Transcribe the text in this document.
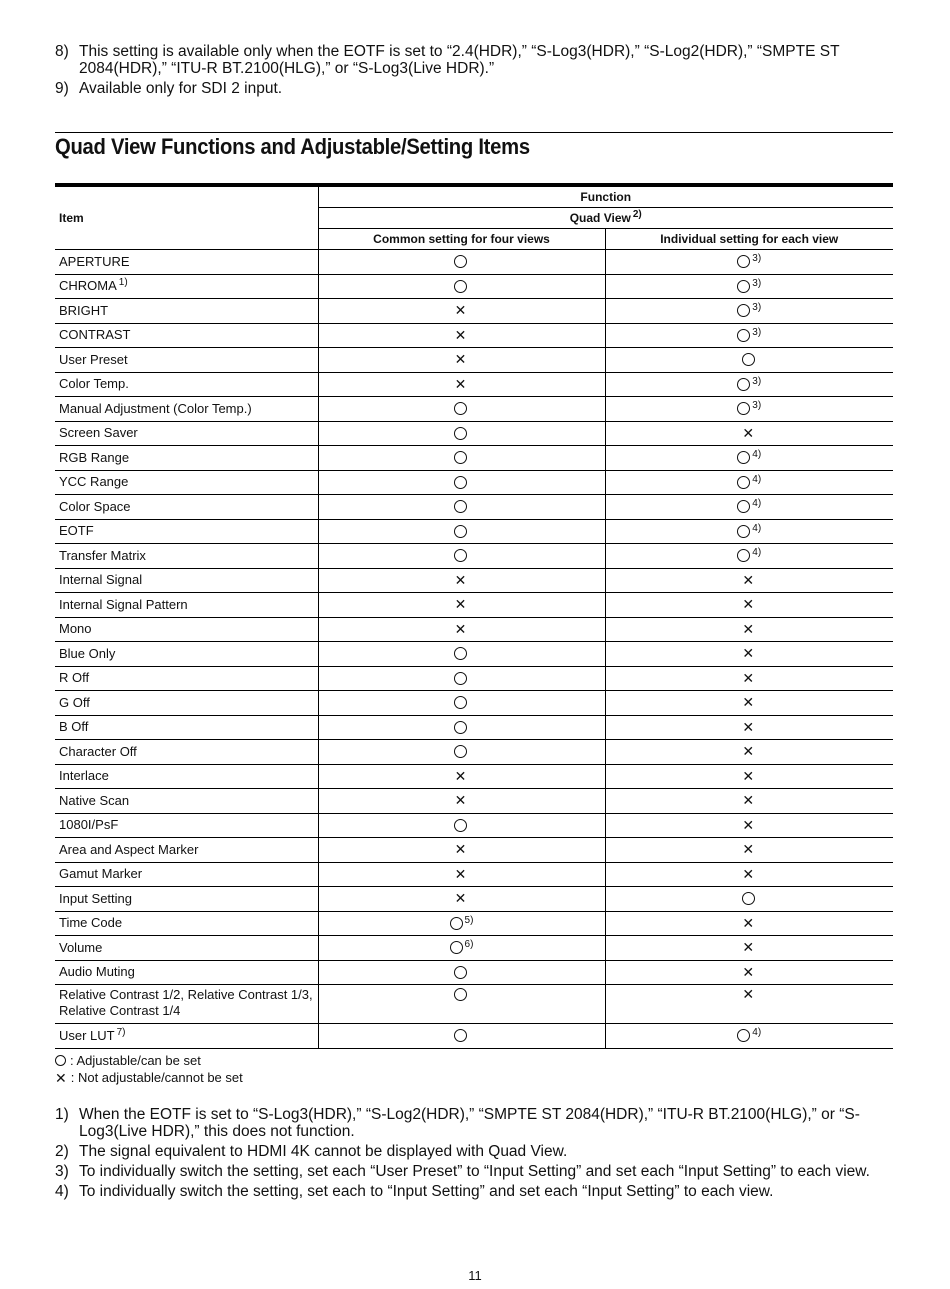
8) This setting is available only when the EOTF is set to “2.4(HDR),” “S-Log3(HDR),” “S-Log2(HDR),” “SMPTE ST 2084(HDR),” “ITU-R BT.2100(HLG),” or “S-Log3(Live HDR).”
9) Available only for SDI 2 input.
Quad View Functions and Adjustable/Setting Items
Item	Function	
	Quad View $^{2)}$
	Common setting for four views	Individual setting for each view
APERTURE		$^{3)}$
CHROMA $^{1)}$		$^{3)}$
BRIGHT	✕	$^{3)}$
CONTRAST	✕	$^{3)}$
User Preset	✕	
Color Temp.	✕	$^{3)}$
Manual Adjustment (Color Temp.)		$^{3)}$
Screen Saver		✕
RGB Range		$^{4)}$
YCC Range		$^{4)}$
Color Space		$^{4)}$
EOTF		$^{4)}$
Transfer Matrix		$^{4)}$
Internal Signal	✕	✕
Internal Signal Pattern	✕	✕
Mono	✕	✕
Blue Only		✕
R Off		✕
G Off		✕
B Off		✕
Character Off		✕
Interlace	✕	✕
Native Scan	✕	✕
1080I/PsF		✕
Area and Aspect Marker	✕	✕
Gamut Marker	✕	✕
Input Setting	✕	
Time Code	$^{5)}$	✕
Volume	$^{6)}$	✕
Audio Muting		✕
Relative Contrast 1/2, Relative Contrast 1/3, Relative Contrast 1/4		✕
User LUT $^{7)}$		$^{4)}$
: Adjustable/can be set
✕ : Not adjustable/cannot be set
1) When the EOTF is set to “S-Log3(HDR),” “S-Log2(HDR),” “SMPTE ST 2084(HDR),” “ITU-R BT.2100(HLG),” or “S-Log3(Live HDR),” this does not function.
2) The signal equivalent to HDMI 4K cannot be displayed with Quad View.
3) To individually switch the setting, set each “User Preset” to “Input Setting” and set each “Input Setting” to each view.
4) To individually switch the setting, set each to “Input Setting” and set each “Input Setting” to each view.
11
